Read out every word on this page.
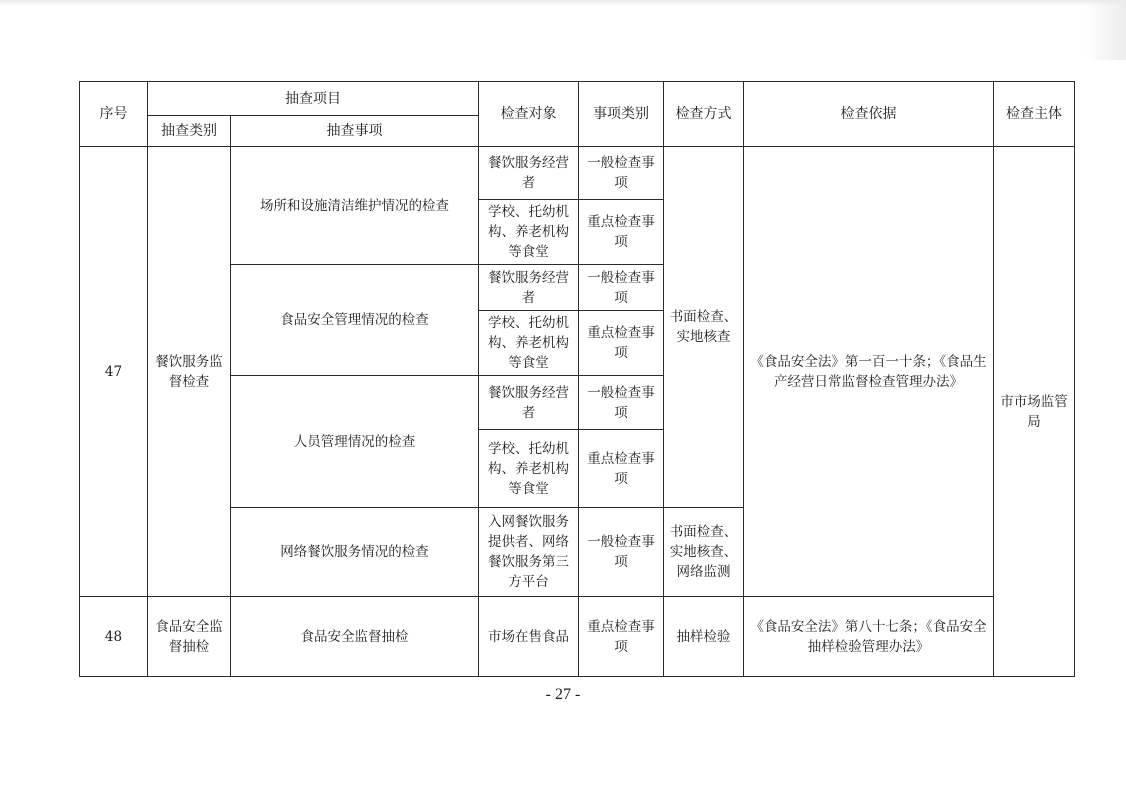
序号	抽查项目		检查对象	事项类别	检查方式	检查依据	检查主体
	抽查类别	抽查事项					
47	餐饮服务监督检查	场所和设施清洁维护情况的检查	餐饮服务经营者	一般检查事项	书面检查、实地核查	《食品安全法》第一百一十条；《食品生产经营日常监督检查管理办法》	市市场监管局
			学校、托幼机构、养老机构等食堂	重点检查事项			
		食品安全管理情况的检查	餐饮服务经营者	一般检查事项			
			学校、托幼机构、养老机构等食堂	重点检查事项			
		人员管理情况的检查	餐饮服务经营者	一般检查事项			
			学校、托幼机构、养老机构等食堂	重点检查事项			
		网络餐饮服务情况的检查	入网餐饮服务提供者、网络餐饮服务第三方平台	一般检查事项	书面检查、实地核查、网络监测		
48	食品安全监督抽检	食品安全监督抽检	市场在售食品	重点检查事项	抽样检验	《食品安全法》第八十七条；《食品安全抽样检验管理办法》	
- 27 -
